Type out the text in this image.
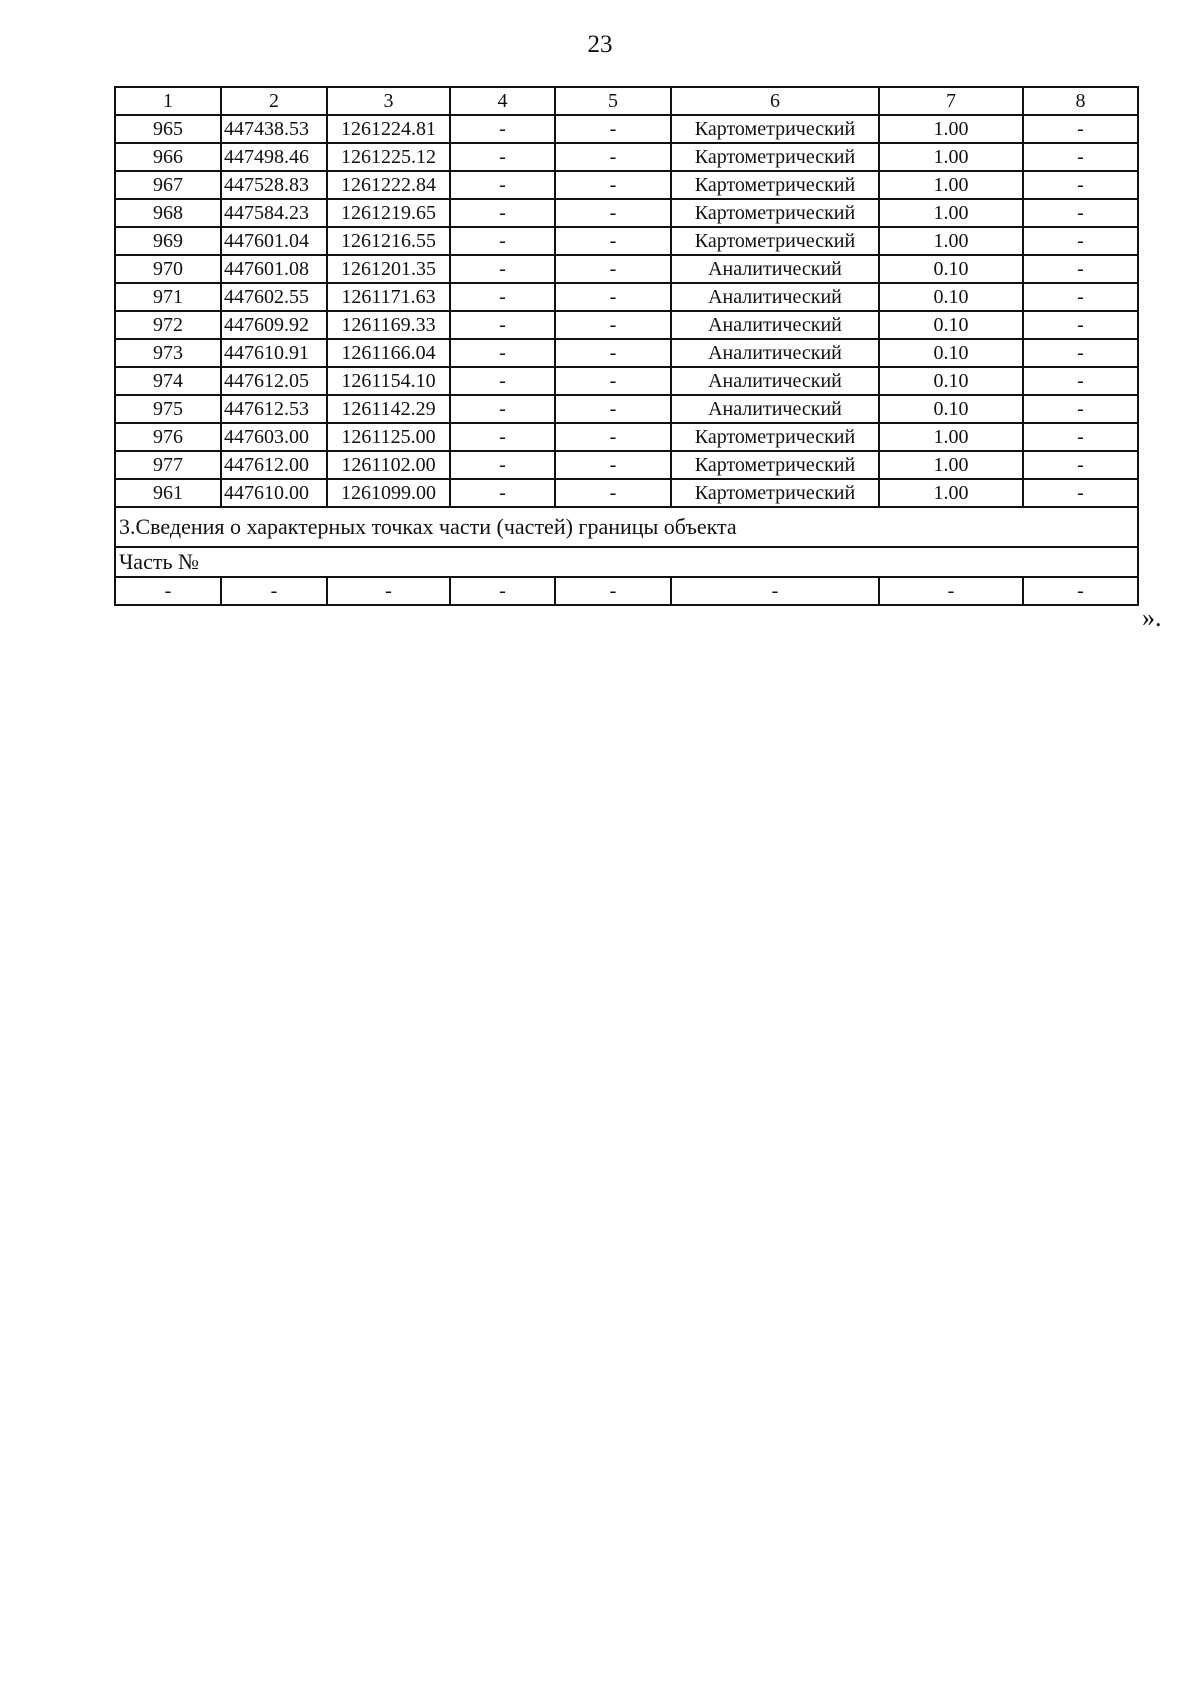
23
1	2	3	4	5	6	7	8
965	447438.53	1261224.81	-	-	Картометрический	1.00	-
966	447498.46	1261225.12	-	-	Картометрический	1.00	-
967	447528.83	1261222.84	-	-	Картометрический	1.00	-
968	447584.23	1261219.65	-	-	Картометрический	1.00	-
969	447601.04	1261216.55	-	-	Картометрический	1.00	-
970	447601.08	1261201.35	-	-	Аналитический	0.10	-
971	447602.55	1261171.63	-	-	Аналитический	0.10	-
972	447609.92	1261169.33	-	-	Аналитический	0.10	-
973	447610.91	1261166.04	-	-	Аналитический	0.10	-
974	447612.05	1261154.10	-	-	Аналитический	0.10	-
975	447612.53	1261142.29	-	-	Аналитический	0.10	-
976	447603.00	1261125.00	-	-	Картометрический	1.00	-
977	447612.00	1261102.00	-	-	Картометрический	1.00	-
961	447610.00	1261099.00	-	-	Картометрический	1.00	-
3.Сведения о характерных точках части (частей) границы объекта							
Часть №							
-	-	-	-	-	-	-	-
».
